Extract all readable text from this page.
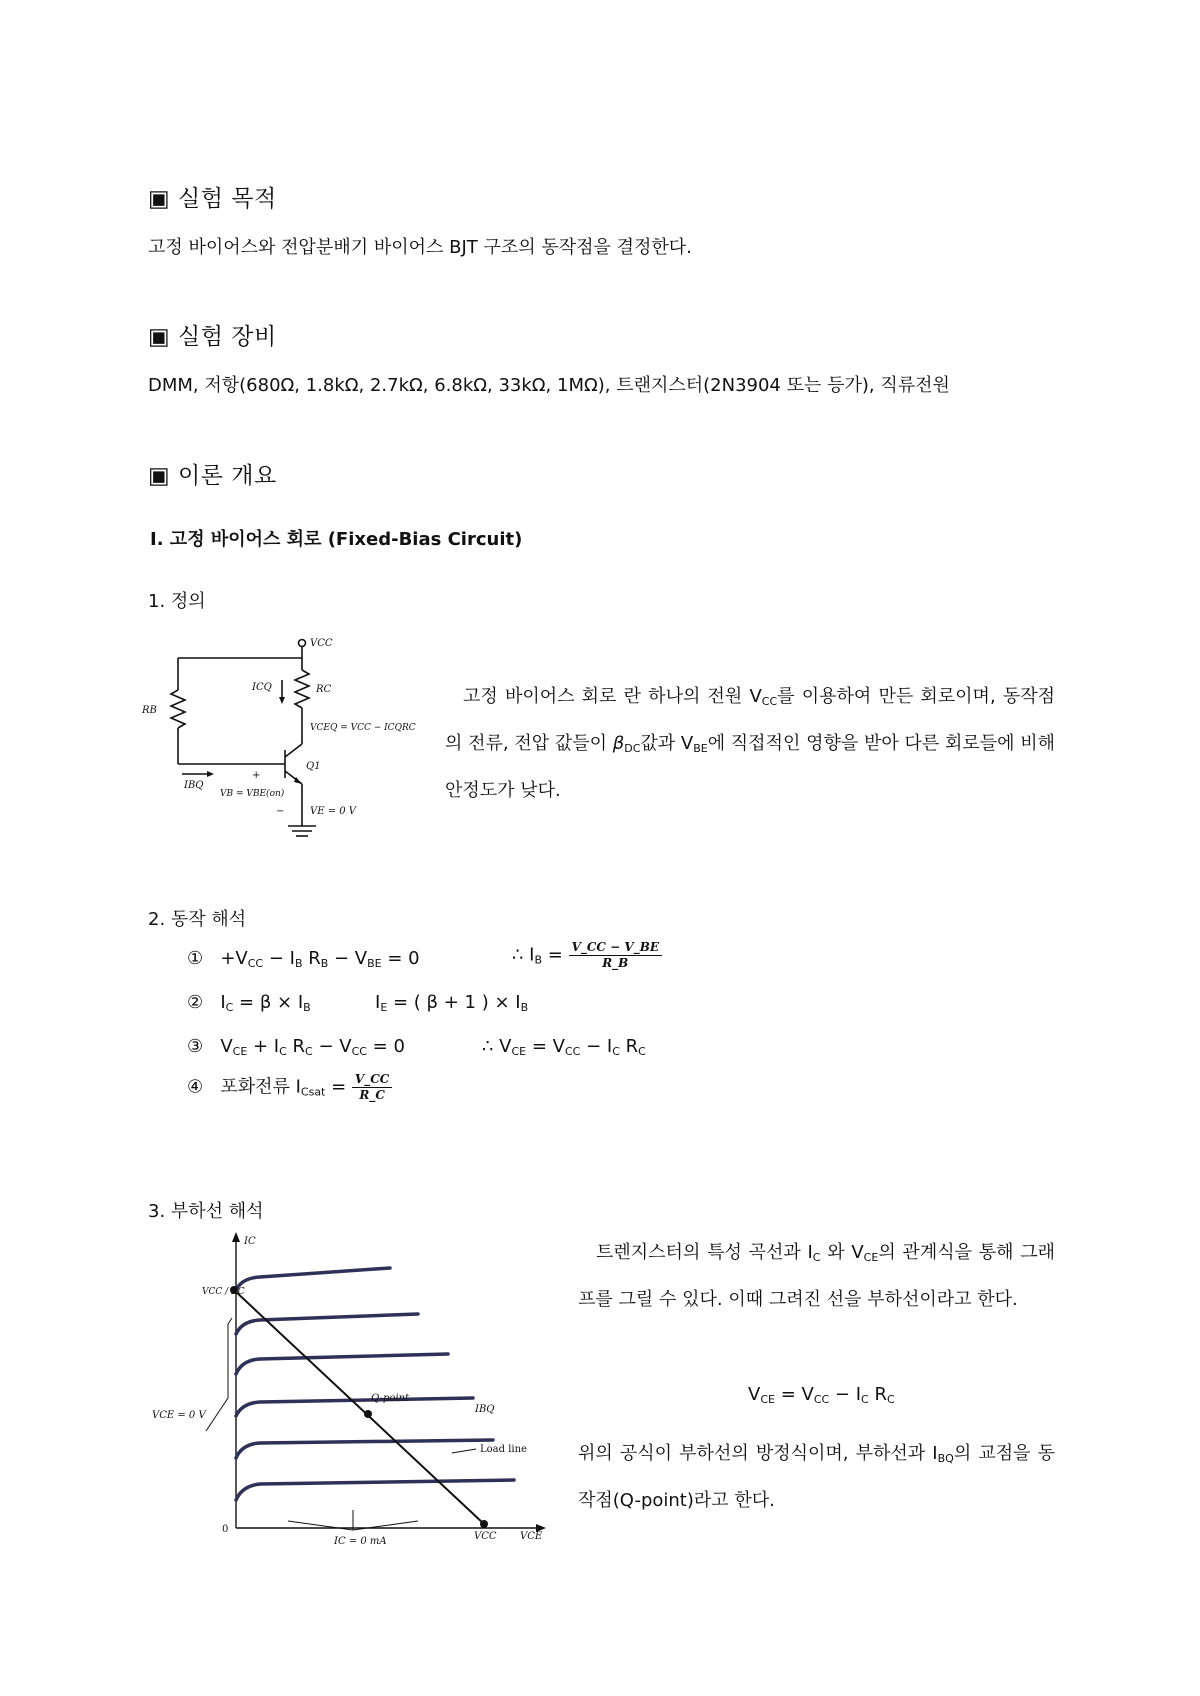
▣ 실험 목적
고정 바이어스와 전압분배기 바이어스 BJT 구조의 동작점을 결정한다.
▣ 실험 장비
DMM, 저항(680Ω, 1.8kΩ, 2.7kΩ, 6.8kΩ, 33kΩ, 1MΩ), 트랜지스터(2N3904 또는 등가), 직류전원
▣ 이론 개요
Ⅰ. 고정 바이어스 회로 (Fixed-Bias Circuit)
1. 정의
VCC
RC
RB
ICQ
VCEQ = VCC − ICQRC
Q1
IBQ
+
VB = VBE(on)
−	VE = 0 V
고정 바이어스 회로 란 하나의 전원 $V_{CC}$를 이용하여 만든 회로이며, 동작점의 전류, 전압 값들이 $\beta_{DC}$값과 $V_{BE}$에 직접적인 영향을 받아 다른 회로들에 비해 안정도가 낮다.
2. 동작 해석
① $+V_{CC} - I_B$ $R_B - V_{BE} = 0$	∴ $I_B = \frac{V\_CC - V\_BE}{R\_B}$
② $I_C = \beta \times I_B$	$I_E$ = ( β + 1 ) × $I_B$
③ $V_{CE} + I_C$ $R_C - V_{CC} = 0$	∴ $V_{CE} = V_{CC} - I_C$ $R_C$
④ 포화전류 $I_{Csat} = \frac{V\_CC}{R\_C}$
3. 부하선 해석
IC
VCC / RC
Q-point
IBQ
VCE = 0 V
Load line
0
VCC VCE
IC = 0 mA
트렌지스터의 특성 곡선과 $I_C$ 와 $V_{CE}$의 관계식을 통해 그래프를 그릴 수 있다. 이때 그려진 선을 부하선이라고 한다.
$V_{CE} = V_{CC} - I_C$ $R_C$
위의 공식이 부하선의 방정식이며, 부하선과 $I_{BQ}$의 교점을 동작점(Q-point)라고 한다.
